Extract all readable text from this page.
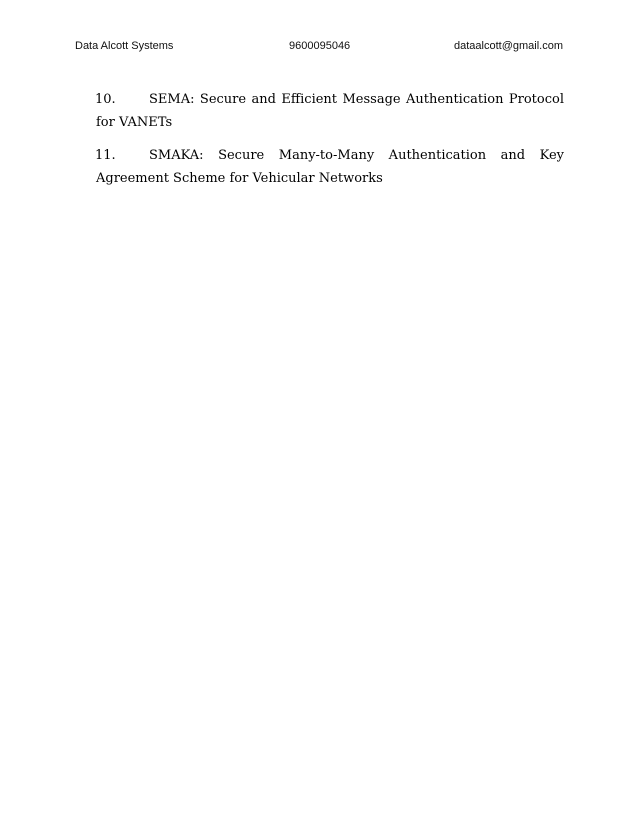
Data Alcott Systems	9600095046	dataalcott@gmail.com
10.	SEMA: Secure and Efficient Message Authentication Protocol for VANETs
11.	SMAKA: Secure Many-to-Many Authentication and Key Agreement Scheme for Vehicular Networks
